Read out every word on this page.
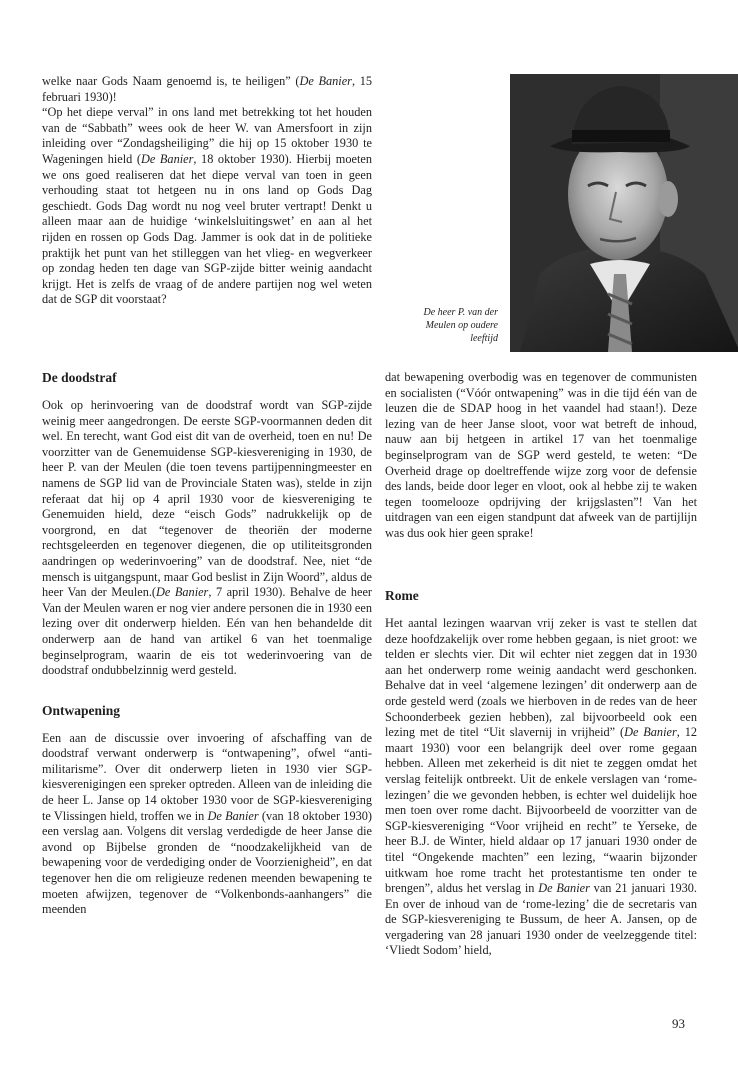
welke naar Gods Naam genoemd is, te heiligen” (De Banier, 15 februari 1930)!

“Op het diepe verval” in ons land met betrekking tot het houden van de “Sabbath” wees ook de heer W. van Amersfoort in zijn inleiding over “Zondagsheiliging” die hij op 15 oktober 1930 te Wageningen hield (De Banier, 18 oktober 1930). Hierbij moeten we ons goed realiseren dat het diepe verval van toen in geen verhouding staat tot hetgeen nu in ons land op Gods Dag geschiedt. Gods Dag wordt nu nog veel bruter vertrapt! Denkt u alleen maar aan de huidige ‘winkelsluitingswet’ en aan al het rijden en rossen op Gods Dag. Jammer is ook dat in de politieke praktijk het punt van het stilleggen van het vlieg- en wegverkeer op zondag heden ten dage van SGP-zijde bitter weinig aandacht krijgt. Het is zelfs de vraag of de andere partijen nog wel weten dat de SGP dit voorstaat?

De heer P. van der Meulen op oudere leeftijd
De doodstraf

Ook op herinvoering van de doodstraf wordt van SGP-zijde weinig meer aangedrongen. De eerste SGP-voormannen deden dit wel. En terecht, want God eist dit van de overheid, toen en nu! De voorzitter van de Genemuidense SGP-kiesvereniging in 1930, de heer P. van der Meulen (die toen tevens partijpenningmeester en namens de SGP lid van de Provinciale Staten was), stelde in zijn referaat dat hij op 4 april 1930 voor de kiesvereniging te Genemuiden hield, deze “eisch Gods” nadrukkelijk op de voorgrond, en dat “tegenover de theoriën der moderne rechtsgeleerden en tegenover diegenen, die op utiliteitsgronden aandringen op wederinvoering” van de doodstraf. Nee, niet “de mensch is uitgangspunt, maar God beslist in Zijn Woord”, aldus de heer Van der Meulen.(De Banier, 7 april 1930). Behalve de heer Van der Meulen waren er nog vier andere personen die in 1930 een lezing over dit onderwerp hielden. Eén van hen behandelde dit onderwerp aan de hand van artikel 6 van het toenmalige beginselprogram, waarin de eis tot wederinvoering van de doodstraf ondubbelzinnig werd gesteld.

Ontwapening

Een aan de discussie over invoering of afschaffing van de doodstraf verwant onderwerp is “ontwapening”, ofwel “anti-militarisme”. Over dit onderwerp lieten in 1930 vier SGP-kiesverenigingen een spreker optreden. Alleen van de inleiding die de heer L. Janse op 14 oktober 1930 voor de SGP-kiesvereniging te Vlissingen hield, troffen we in De Banier (van 18 oktober 1930) een verslag aan. Volgens dit verslag verdedigde de heer Janse die avond op Bijbelse gronden de “noodzakelijkheid van de bewapening voor de verdediging onder de Voorzienigheid”, en dat tegenover hen die om religieuze redenen meenden bewapening te moeten afwijzen, tegenover de “Volkenbonds-aanhangers” die meenden

dat bewapening overbodig was en tegenover de communisten en socialisten (“Vóór ontwapening” was in die tijd één van de leuzen die de SDAP hoog in het vaandel had staan!). Deze lezing van de heer Janse sloot, voor wat betreft de inhoud, nauw aan bij hetgeen in artikel 17 van het toenmalige beginselprogram van de SGP werd gesteld, te weten: “De Overheid drage op doeltreffende wijze zorg voor de defensie des lands, beide door leger en vloot, ook al hebbe zij te waken tegen toomelooze opdrijving der krijgslasten”! Van het uitdragen van een eigen standpunt dat afweek van de partijlijn was dus ook hier geen sprake!

Rome

Het aantal lezingen waarvan vrij zeker is vast te stellen dat deze hoofdzakelijk over rome hebben gegaan, is niet groot: we telden er slechts vier. Dit wil echter niet zeggen dat in 1930 aan het onderwerp rome weinig aandacht werd geschonken. Behalve dat in veel ‘algemene lezingen’ dit onderwerp aan de orde gesteld werd (zoals we hierboven in de redes van de heer Schoonderbeek gezien hebben), zal bijvoorbeeld ook een lezing met de titel “Uit slavernij in vrijheid” (De Banier, 12 maart 1930) voor een belangrijk deel over rome gegaan hebben. Alleen met zekerheid is dit niet te zeggen omdat het verslag feitelijk ontbreekt. Uit de enkele verslagen van ‘rome-lezingen’ die we gevonden hebben, is echter wel duidelijk hoe men toen over rome dacht. Bijvoorbeeld de voorzitter van de SGP-kiesvereniging “Voor vrijheid en recht” te Yerseke, de heer B.J. de Winter, hield aldaar op 17 januari 1930 onder de titel “Ongekende machten” een lezing, “waarin bijzonder uitkwam hoe rome tracht het protestantisme ten onder te brengen”, aldus het verslag in De Banier van 21 januari 1930. En over de inhoud van de ‘rome-lezing’ die de secretaris van de SGP-kiesvereniging te Bussum, de heer A. Jansen, op de vergadering van 28 januari 1930 onder de veelzeggende titel: ‘Vliedt Sodom’ hield,

93
